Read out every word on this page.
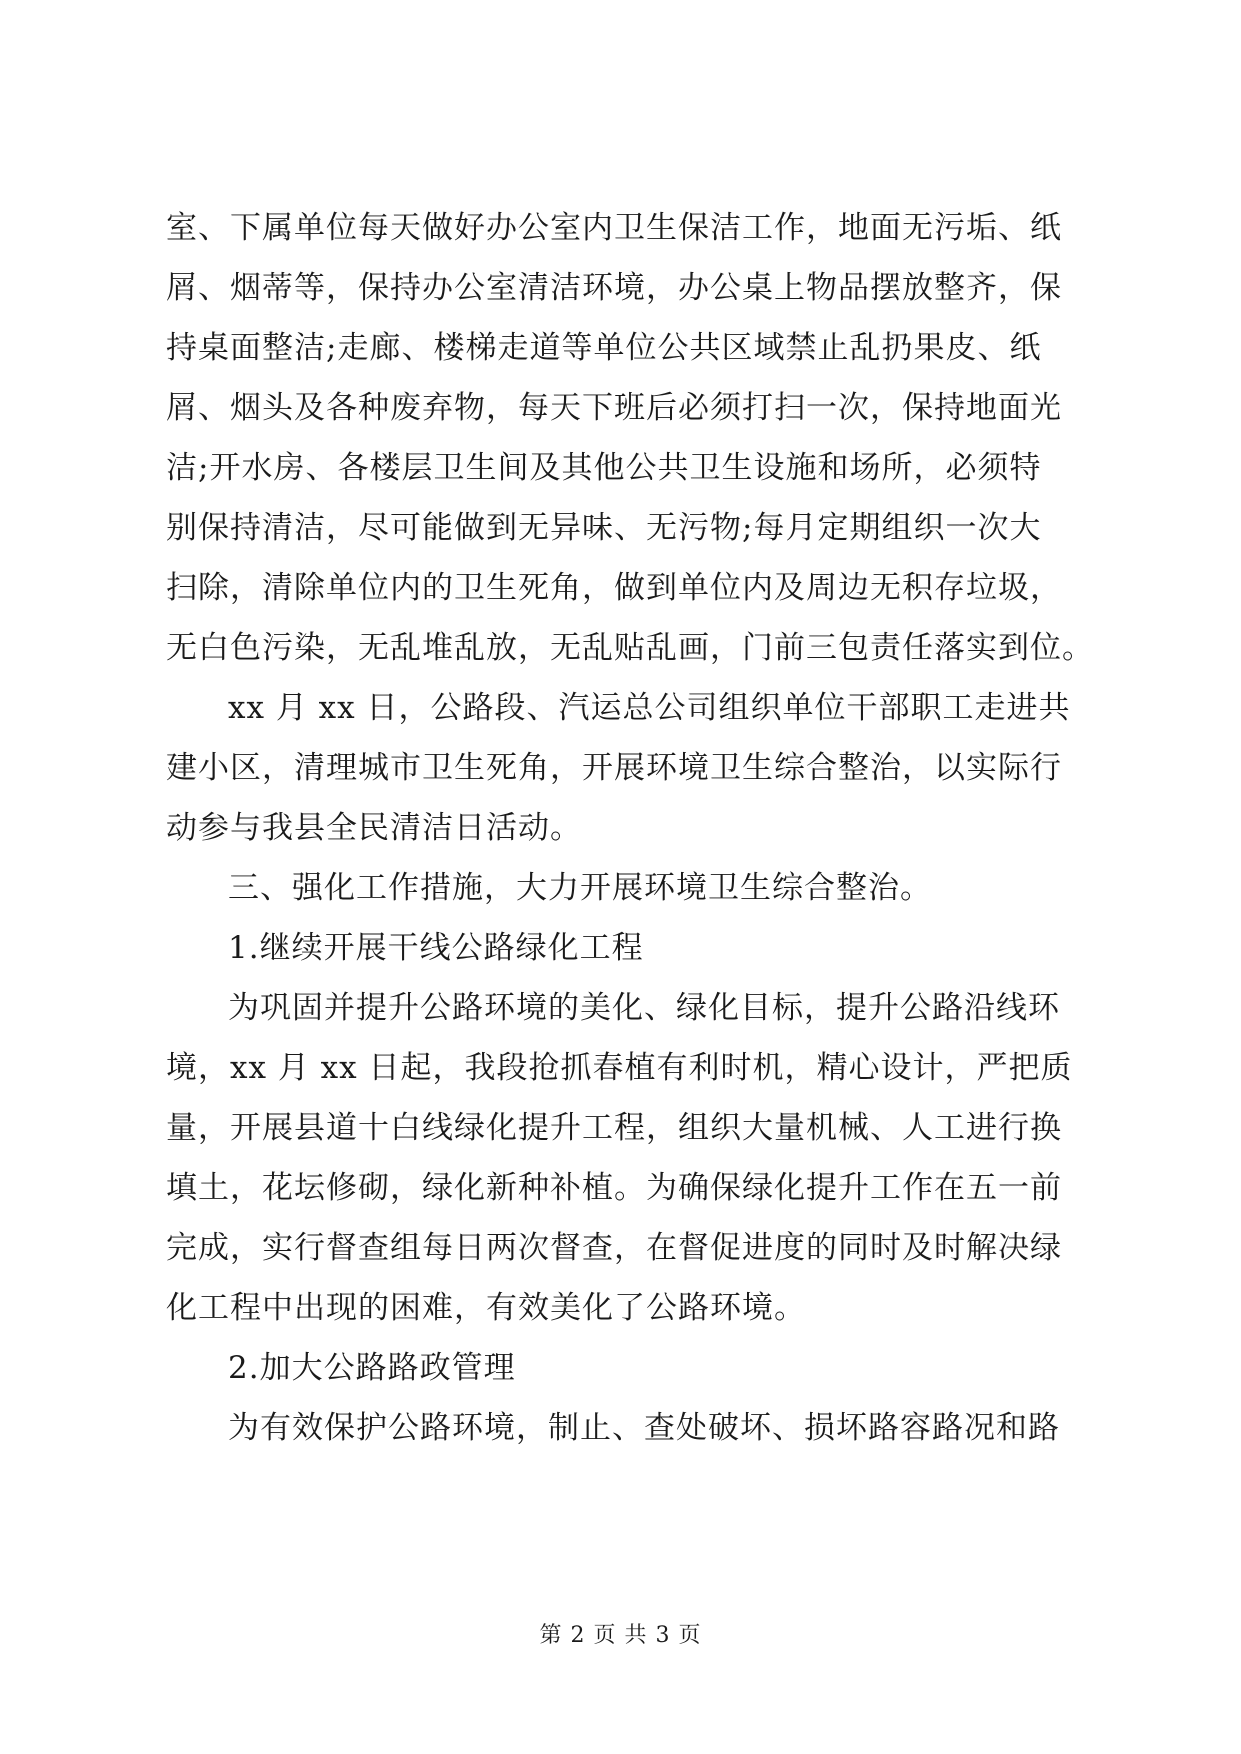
室、下属单位每天做好办公室内卫生保洁工作，地面无污垢、纸
屑、烟蒂等，保持办公室清洁环境，办公桌上物品摆放整齐，保
持桌面整洁;走廊、楼梯走道等单位公共区域禁止乱扔果皮、纸
屑、烟头及各种废弃物，每天下班后必须打扫一次，保持地面光
洁;开水房、各楼层卫生间及其他公共卫生设施和场所，必须特
别保持清洁，尽可能做到无异味、无污物;每月定期组织一次大
扫除，清除单位内的卫生死角，做到单位内及周边无积存垃圾，
无白色污染，无乱堆乱放，无乱贴乱画，门前三包责任落实到位。
xx 月 xx 日，公路段、汽运总公司组织单位干部职工走进共
建小区，清理城市卫生死角，开展环境卫生综合整治，以实际行
动参与我县全民清洁日活动。
三、强化工作措施，大力开展环境卫生综合整治。
1.继续开展干线公路绿化工程
为巩固并提升公路环境的美化、绿化目标，提升公路沿线环
境，xx 月 xx 日起，我段抢抓春植有利时机，精心设计，严把质
量，开展县道十白线绿化提升工程，组织大量机械、人工进行换
填土，花坛修砌，绿化新种补植。为确保绿化提升工作在五一前
完成，实行督查组每日两次督查，在督促进度的同时及时解决绿
化工程中出现的困难，有效美化了公路环境。
2.加大公路路政管理
为有效保护公路环境，制止、查处破坏、损坏路容路况和路
第 2 页 共 3 页
